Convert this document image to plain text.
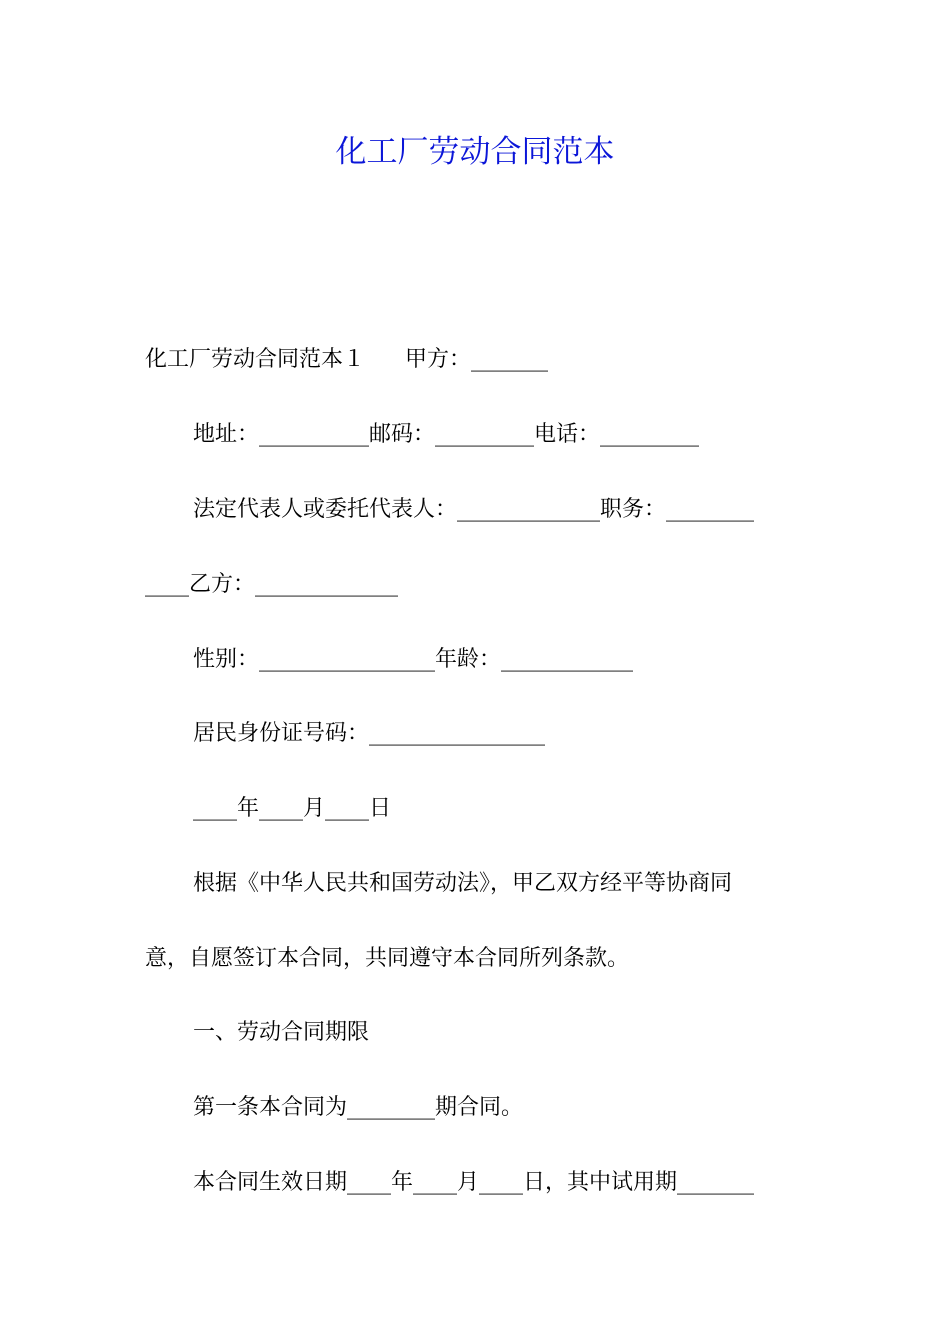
化工厂劳动合同范本

化工厂劳动合同范本１ 甲方：_______

地址：__________邮码：_________电话：_________

法定代表人或委托代表人：_____________职务：________

____乙方：_____________

性别：________________年龄：____________

居民身份证号码：________________

____年____月____日

根据《中华人民共和国劳动法》，甲乙双方经平等协商同

意，自愿签订本合同，共同遵守本合同所列条款。

一、劳动合同期限

第一条本合同为________期合同。

本合同生效日期____年____月____日，其中试用期_______
